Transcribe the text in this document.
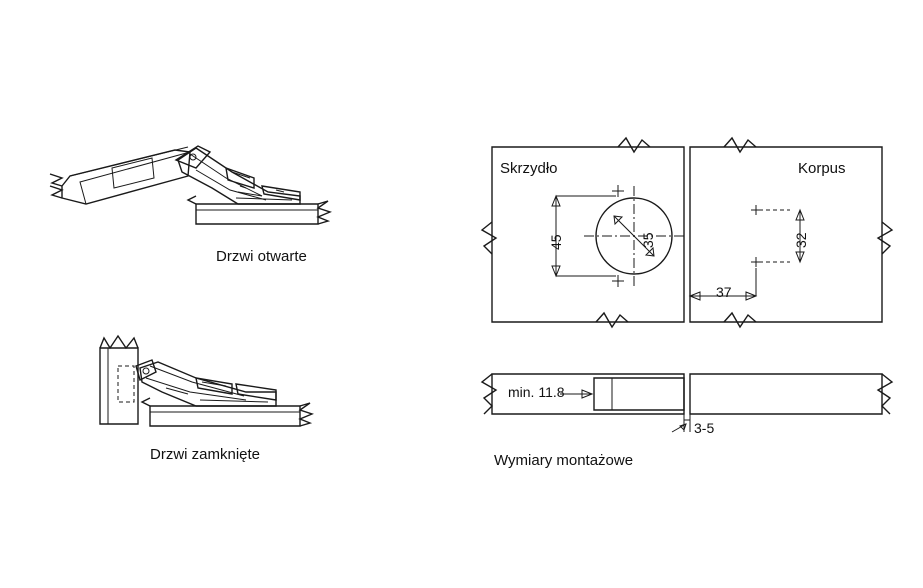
Drzwi otwarte
Drzwi zamknięte
Skrzydło	Korpus
45	35	32
37
min. 11.8
3-5
Wymiary montażowe
